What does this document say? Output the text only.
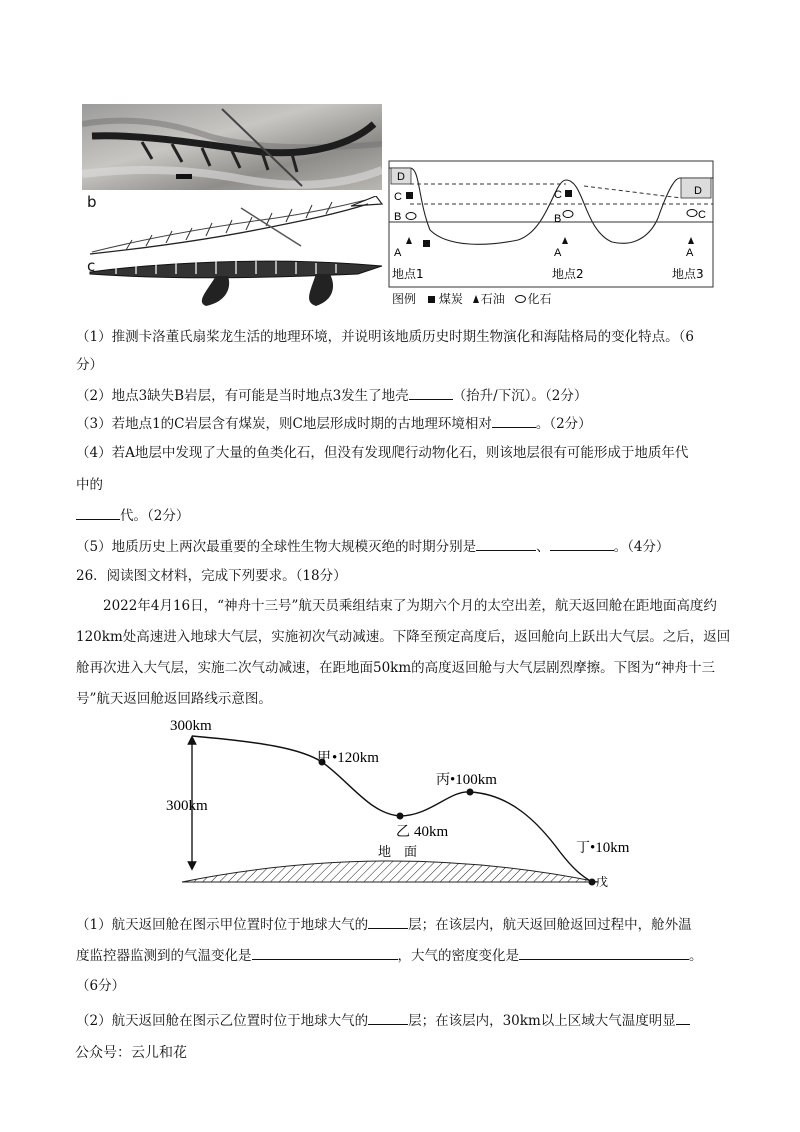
b
c
D
C
B
A
C
B
A
D
C
A
地点1	地点2	地点3
图例 煤炭 石油 化石
（1）推测卡洛董氏扇桨龙生活的地理环境，并说明该地质历史时期生物演化和海陆格局的变化特点。（6
分）
（2）地点3缺失B岩层，有可能是当时地点3发生了地壳	（抬升/下沉）。（2分）
（3）若地点1的C岩层含有煤炭，则C地层形成时期的古地理环境相对	。（2分）
（4）若A地层中发现了大量的鱼类化石，但没有发现爬行动物化石，则该地层很有可能形成于地质年代
中的
代。（2分）
（5）地质历史上两次最重要的全球性生物大规模灭绝的时期分别是	、	。（4分）
26．阅读图文材料，完成下列要求。（18分）
2022年4月16日，“神舟十三号”航天员乘组结束了为期六个月的太空出差，航天返回舱在距地面高度约120km处高速进入地球大气层，实施初次气动减速。下降至预定高度后，返回舱向上跃出大气层。之后，返回舱再次进入大气层，实施二次气动减速，在距地面50km的高度返回舱与大气层剧烈摩擦。下图为“神舟十三号”航天返回舱返回路线示意图。
300km
300km
甲 •120km
乙 40km
丙 •100km
丁 •10km
戊
地　面
（1）航天返回舱在图示甲位置时位于地球大气的	层；在该层内，航天返回舱返回过程中，舱外温
度监控器监测到的气温变化是	，大气的密度变化是	。
（6分）
（2）航天返回舱在图示乙位置时位于地球大气的	层；在该层内，30km以上区域大气温度明显
公众号：云儿和花
